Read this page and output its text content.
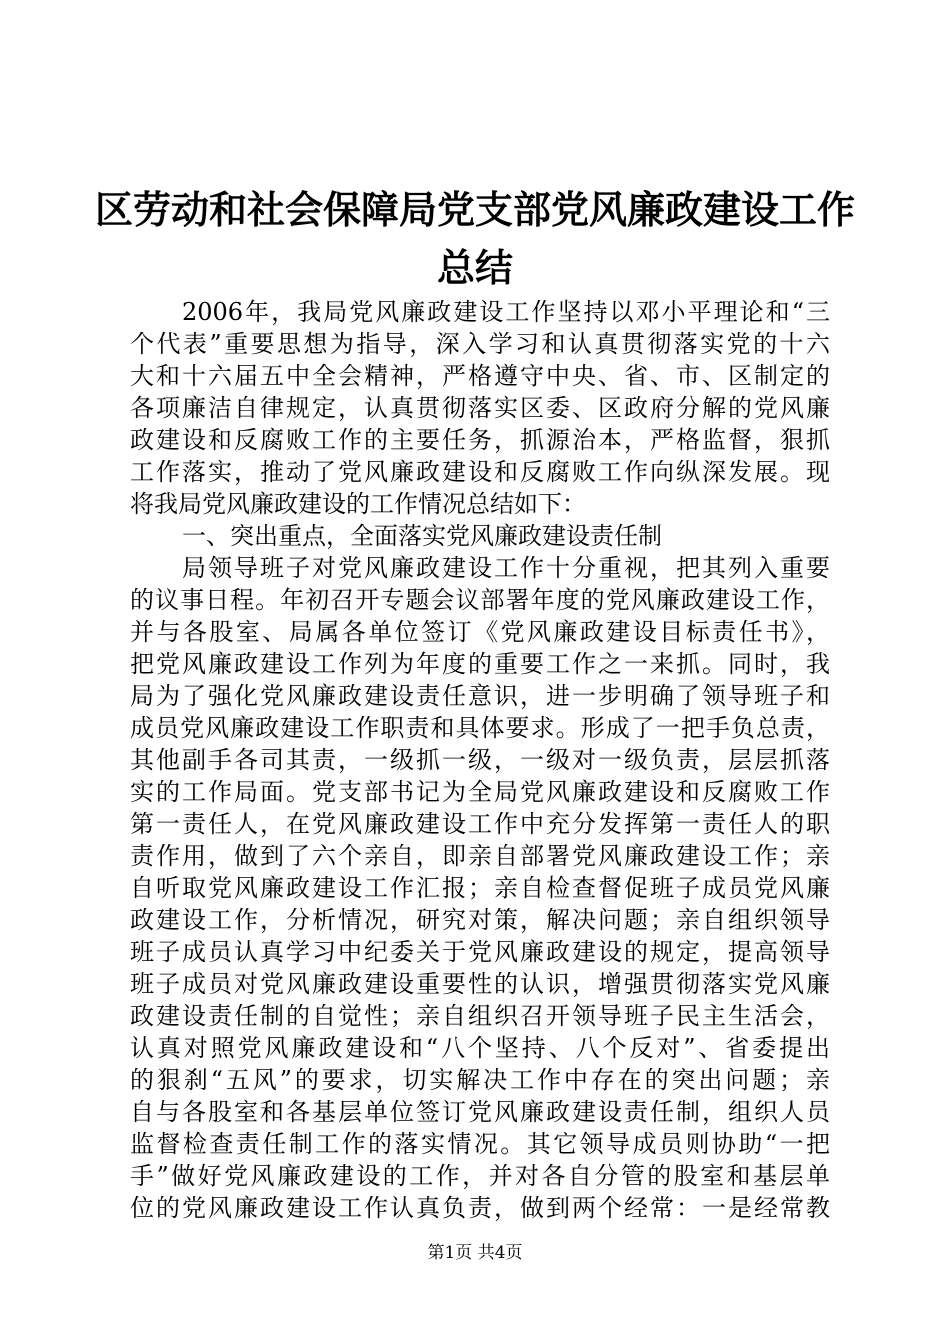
区劳动和社会保障局党支部党风廉政建设工作
总结
2006年，我局党风廉政建设工作坚持以邓小平理论和“三
个代表”重要思想为指导，深入学习和认真贯彻落实党的十六
大和十六届五中全会精神，严格遵守中央、省、市、区制定的
各项廉洁自律规定，认真贯彻落实区委、区政府分解的党风廉
政建设和反腐败工作的主要任务，抓源治本，严格监督，狠抓
工作落实，推动了党风廉政建设和反腐败工作向纵深发展。现
将我局党风廉政建设的工作情况总结如下：
一、突出重点，全面落实党风廉政建设责任制
局领导班子对党风廉政建设工作十分重视，把其列入重要
的议事日程。年初召开专题会议部署年度的党风廉政建设工作，
并与各股室、局属各单位签订《党风廉政建设目标责任书》，
把党风廉政建设工作列为年度的重要工作之一来抓。同时，我
局为了强化党风廉政建设责任意识，进一步明确了领导班子和
成员党风廉政建设工作职责和具体要求。形成了一把手负总责，
其他副手各司其责，一级抓一级，一级对一级负责，层层抓落
实的工作局面。党支部书记为全局党风廉政建设和反腐败工作
第一责任人，在党风廉政建设工作中充分发挥第一责任人的职
责作用，做到了六个亲自，即亲自部署党风廉政建设工作；亲
自听取党风廉政建设工作汇报；亲自检查督促班子成员党风廉
政建设工作，分析情况，研究对策，解决问题；亲自组织领导
班子成员认真学习中纪委关于党风廉政建设的规定，提高领导
班子成员对党风廉政建设重要性的认识，增强贯彻落实党风廉
政建设责任制的自觉性；亲自组织召开领导班子民主生活会，
认真对照党风廉政建设和“八个坚持、八个反对”、省委提出
的狠刹“五风”的要求，切实解决工作中存在的突出问题；亲
自与各股室和各基层单位签订党风廉政建设责任制，组织人员
监督检查责任制工作的落实情况。其它领导成员则协助“一把
手”做好党风廉政建设的工作，并对各自分管的股室和基层单
位的党风廉政建设工作认真负责，做到两个经常：一是经常教
第1页 共4页
